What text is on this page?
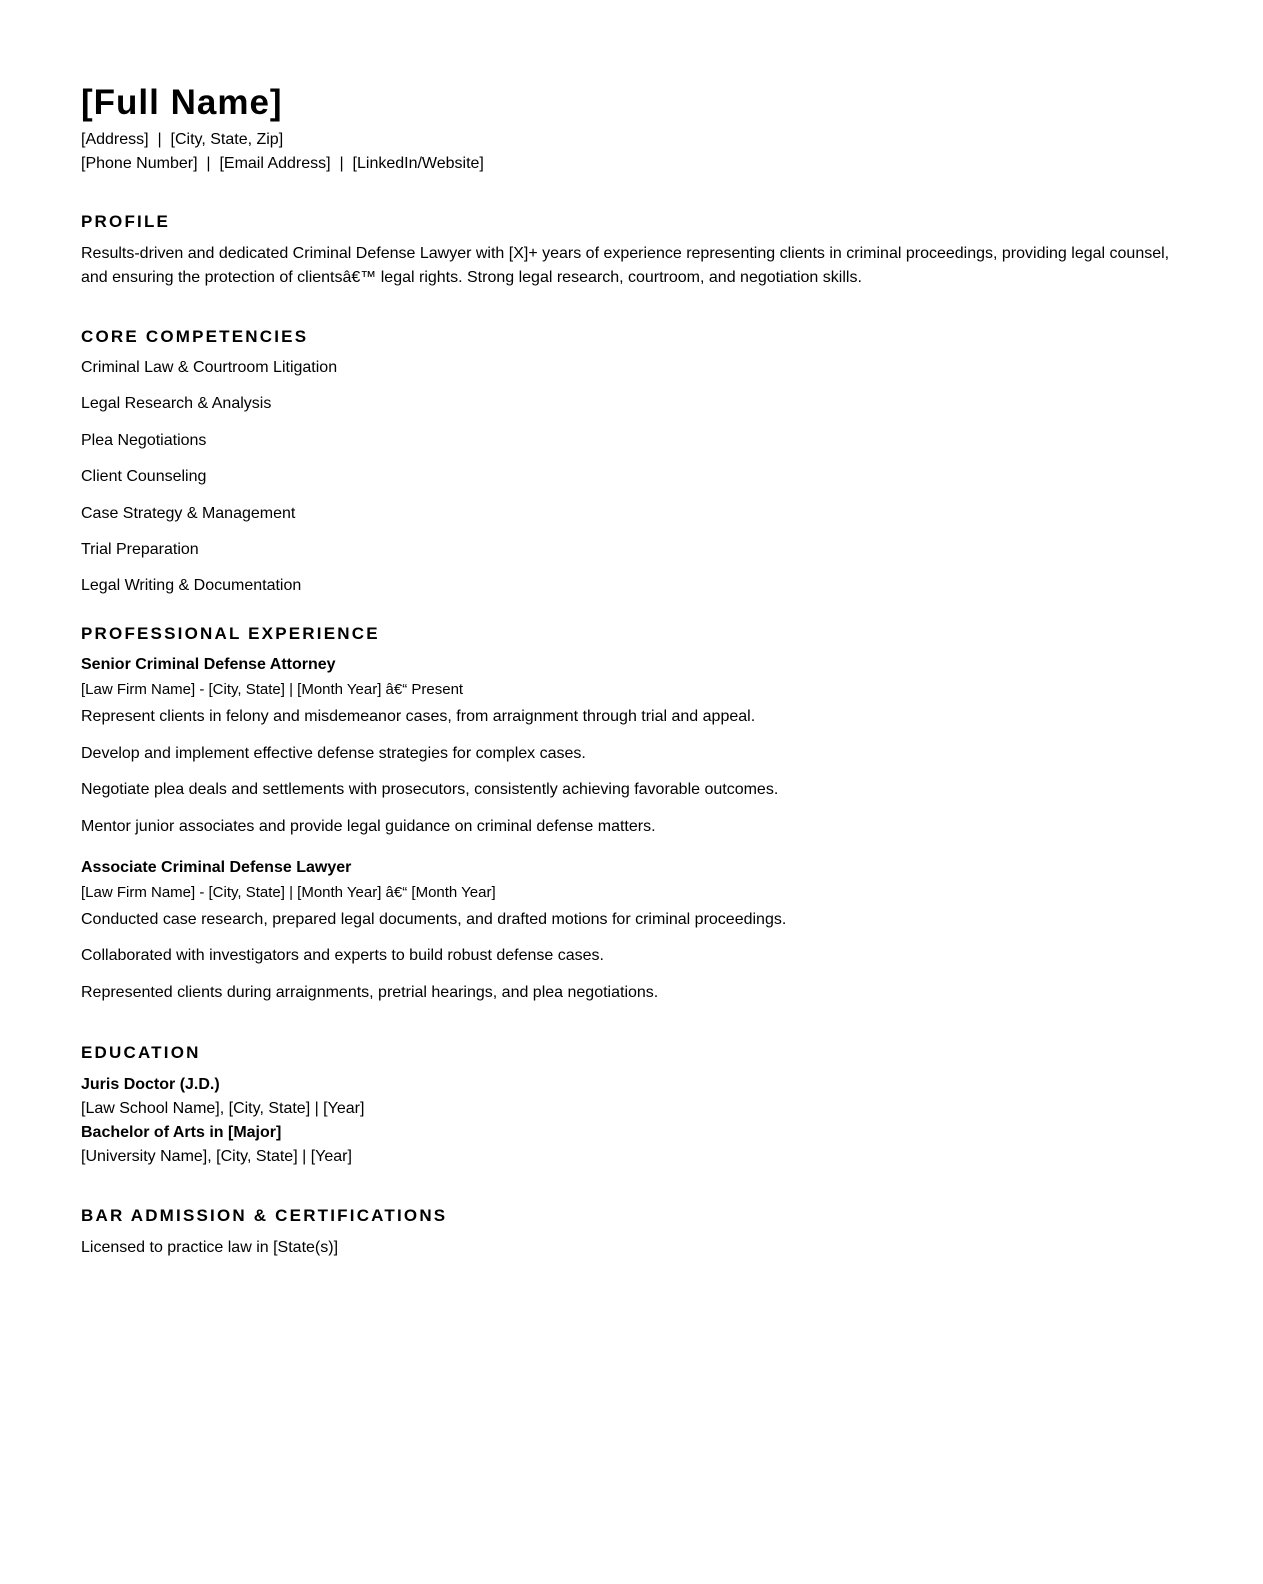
[Full Name]

[Address]  |  [City, State, Zip]

[Phone Number]  |  [Email Address]  |  [LinkedIn/Website]

PROFILE

Results-driven and dedicated Criminal Defense Lawyer with [X]+ years of experience representing clients in criminal proceedings, providing legal counsel, and ensuring the protection of clientsâ€™ legal rights. Strong legal research, courtroom, and negotiation skills.

CORE COMPETENCIES
Criminal Law & Courtroom Litigation
Legal Research & Analysis
Plea Negotiations
Client Counseling
Case Strategy & Management
Trial Preparation
Legal Writing & Documentation
PROFESSIONAL EXPERIENCE

Senior Criminal Defense Attorney

[Law Firm Name] - [City, State] | [Month Year] â€“ Present

Represent clients in felony and misdemeanor cases, from arraignment through trial and appeal.
Develop and implement effective defense strategies for complex cases.
Negotiate plea deals and settlements with prosecutors, consistently achieving favorable outcomes.
Mentor junior associates and provide legal guidance on criminal defense matters.

Associate Criminal Defense Lawyer

[Law Firm Name] - [City, State] | [Month Year] â€“ [Month Year]

Conducted case research, prepared legal documents, and drafted motions for criminal proceedings.
Collaborated with investigators and experts to build robust defense cases.
Represented clients during arraignments, pretrial hearings, and plea negotiations.
EDUCATION

Juris Doctor (J.D.)

[Law School Name], [City, State] | [Year]

Bachelor of Arts in [Major]

[University Name], [City, State] | [Year]

BAR ADMISSION & CERTIFICATIONS

Licensed to practice law in [State(s)]
